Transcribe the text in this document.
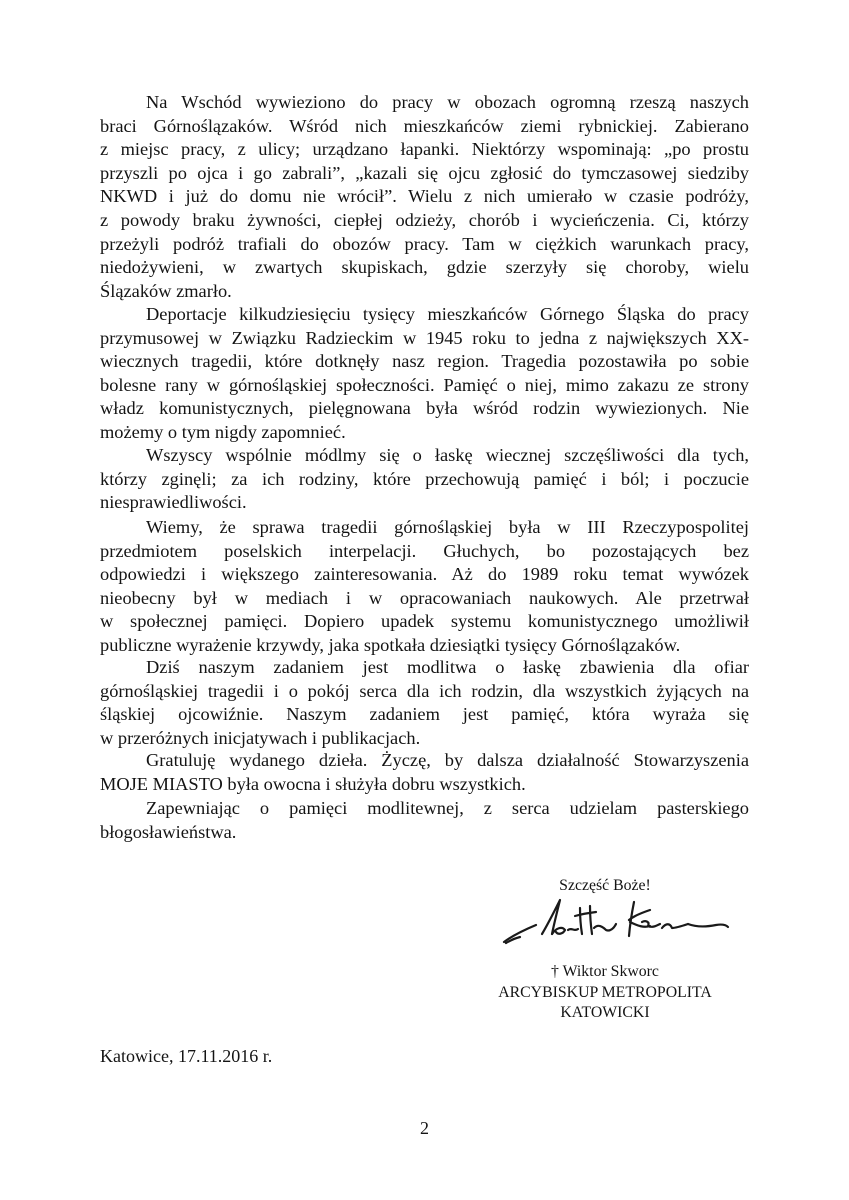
Na Wschód wywieziono do pracy w obozach ogromną rzeszą naszych
braci Górnoślązaków. Wśród nich mieszkańców ziemi rybnickiej. Zabierano
z miejsc pracy, z ulicy; urządzano łapanki. Niektórzy wspominają: „po prostu
przyszli po ojca i go zabrali”, „kazali się ojcu zgłosić do tymczasowej siedziby
NKWD i już do domu nie wrócił”. Wielu z nich umierało w czasie podróży,
z powody braku żywności, ciepłej odzieży, chorób i wycieńczenia. Ci, którzy
przeżyli podróż trafiali do obozów pracy. Tam w ciężkich warunkach pracy,
niedożywieni, w zwartych skupiskach, gdzie szerzyły się choroby, wielu
Ślązaków zmarło.
Deportacje kilkudziesięciu tysięcy mieszkańców Górnego Śląska do pracy
przymusowej w Związku Radzieckim w 1945 roku to jedna z największych XX-
wiecznych tragedii, które dotknęły nasz region. Tragedia pozostawiła po sobie
bolesne rany w górnośląskiej społeczności. Pamięć o niej, mimo zakazu ze strony
władz komunistycznych, pielęgnowana była wśród rodzin wywiezionych. Nie
możemy o tym nigdy zapomnieć.
Wszyscy wspólnie módlmy się o łaskę wiecznej szczęśliwości dla tych,
którzy zginęli; za ich rodziny, które przechowują pamięć i ból; i poczucie
niesprawiedliwości.
Wiemy, że sprawa tragedii górnośląskiej była w III Rzeczypospolitej
przedmiotem poselskich interpelacji. Głuchych, bo pozostających bez
odpowiedzi i większego zainteresowania. Aż do 1989 roku temat wywózek
nieobecny był w mediach i w opracowaniach naukowych. Ale przetrwał
w społecznej pamięci. Dopiero upadek systemu komunistycznego umożliwił
publiczne wyrażenie krzywdy, jaka spotkała dziesiątki tysięcy Górnoślązaków.
Dziś naszym zadaniem jest modlitwa o łaskę zbawienia dla ofiar
górnośląskiej tragedii i o pokój serca dla ich rodzin, dla wszystkich żyjących na
śląskiej ojcowiźnie. Naszym zadaniem jest pamięć, która wyraża się
w przeróżnych inicjatywach i publikacjach.
Gratuluję wydanego dzieła. Życzę, by dalsza działalność Stowarzyszenia
MOJE MIASTO była owocna i służyła dobru wszystkich.
Zapewniając o pamięci modlitewnej, z serca udzielam pasterskiego
błogosławieństwa.
Szczęść Boże!
† Wiktor Skworc
ARCYBISKUP METROPOLITA
KATOWICKI
Katowice, 17.11.2016 r.
2
